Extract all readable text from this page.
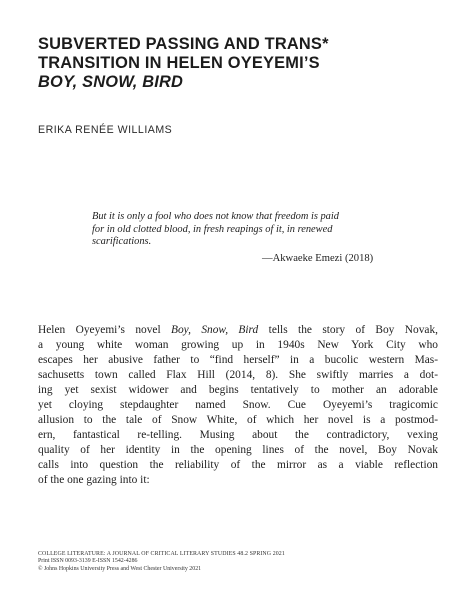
SUBVERTED PASSING AND TRANS*
TRANSITION IN HELEN OYEYEMI’S
BOY, SNOW, BIRD
ERIKA RENÉE WILLIAMS
But it is only a fool who does not know that freedom is paid
for in old clotted blood, in fresh reapings of it, in renewed
scarifications.
—Akwaeke Emezi (2018)
Helen Oyeyemi’s novel Boy, Snow, Bird tells the story of Boy Novak,
a young white woman growing up in 1940s New York City who
escapes her abusive father to “find herself” in a bucolic western Mas-
sachusetts town called Flax Hill (2014, 8). She swiftly marries a dot-
ing yet sexist widower and begins tentatively to mother an adorable
yet cloying stepdaughter named Snow. Cue Oyeyemi’s tragicomic
allusion to the tale of Snow White, of which her novel is a postmod-
ern, fantastical re-telling. Musing about the contradictory, vexing
quality of her identity in the opening lines of the novel, Boy Novak
calls into question the reliability of the mirror as a viable reflection
of the one gazing into it:
COLLEGE LITERATURE: A JOURNAL OF CRITICAL LITERARY STUDIES 48.2 SPRING 2021
Print ISSN 0093-3139 E-ISSN 1542-4286
© Johns Hopkins University Press and West Chester University 2021
